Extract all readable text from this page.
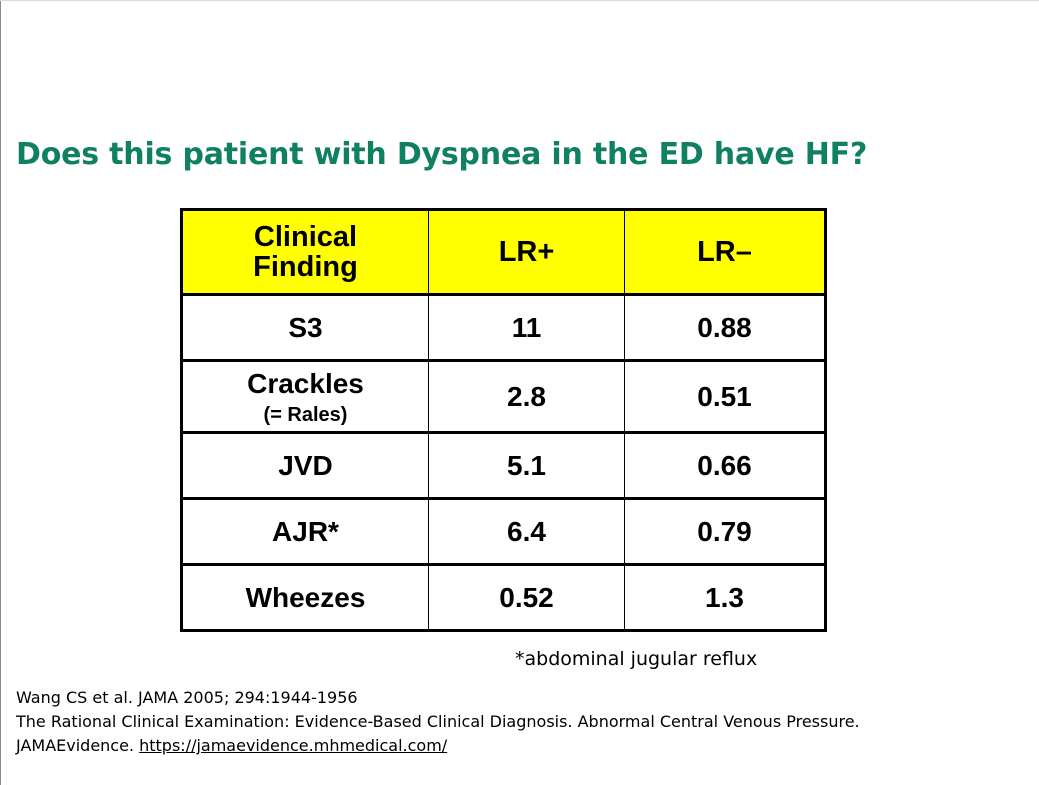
Does this patient with Dyspnea in the ED have HF?
Clinical
Finding	LR+	LR–
S3	11	0.88

Crackles
(= Rales)	2.8	0.51
JVD	5.1	0.66
AJR*	6.4	0.79
Wheezes	0.52	1.3
*abdominal jugular reflux
Wang CS et al. JAMA 2005; 294:1944-1956
The Rational Clinical Examination: Evidence-Based Clinical Diagnosis. Abnormal Central Venous Pressure.
JAMAEvidence. https://jamaevidence.mhmedical.com/
